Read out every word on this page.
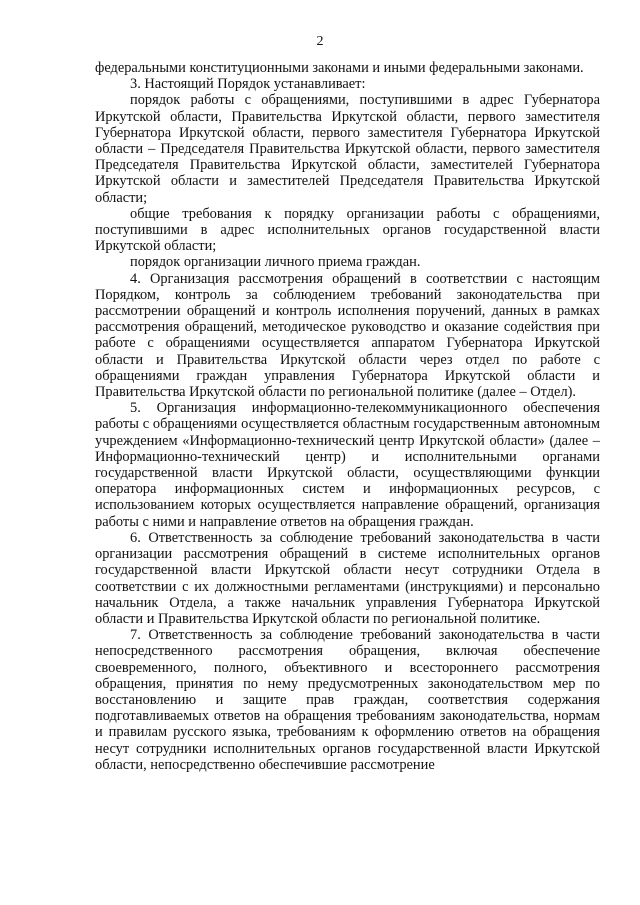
2

федеральными конституционными законами и иными федеральными законами.

3. Настоящий Порядок устанавливает:

порядок работы с обращениями, поступившими в адрес Губернатора Иркутской области, Правительства Иркутской области, первого заместителя Губернатора Иркутской области, первого заместителя Губернатора Иркутской области – Председателя Правительства Иркутской области, первого заместителя Председателя Правительства Иркутской области, заместителей Губернатора Иркутской области и заместителей Председателя Правительства Иркутской области;

общие требования к порядку организации работы с обращениями, поступившими в адрес исполнительных органов государственной власти Иркутской области;

порядок организации личного приема граждан.

4. Организация рассмотрения обращений в соответствии с настоящим Порядком, контроль за соблюдением требований законодательства при рассмотрении обращений и контроль исполнения поручений, данных в рамках рассмотрения обращений, методическое руководство и оказание содействия при работе с обращениями осуществляется аппаратом Губернатора Иркутской области и Правительства Иркутской области через отдел по работе с обращениями граждан управления Губернатора Иркутской области и Правительства Иркутской области по региональной политике (далее – Отдел).

5. Организация информационно-телекоммуникационного обеспечения работы с обращениями осуществляется областным государственным автономным учреждением «Информационно-технический центр Иркутской области» (далее – Информационно-технический центр) и исполнительными органами государственной власти Иркутской области, осуществляющими функции оператора информационных систем и информационных ресурсов, с использованием которых осуществляется направление обращений, организация работы с ними и направление ответов на обращения граждан.

6. Ответственность за соблюдение требований законодательства в части организации рассмотрения обращений в системе исполнительных органов государственной власти Иркутской области несут сотрудники Отдела в соответствии с их должностными регламентами (инструкциями) и персонально начальник Отдела, а также начальник управления Губернатора Иркутской области и Правительства Иркутской области по региональной политике.

7. Ответственность за соблюдение требований законодательства в части непосредственного рассмотрения обращения, включая обеспечение своевременного, полного, объективного и всестороннего рассмотрения обращения, принятия по нему предусмотренных законодательством мер по восстановлению и защите прав граждан, соответствия содержания подготавливаемых ответов на обращения требованиям законодательства, нормам и правилам русского языка, требованиям к оформлению ответов на обращения несут сотрудники исполнительных органов государственной власти Иркутской области, непосредственно обеспечившие рассмотрение
